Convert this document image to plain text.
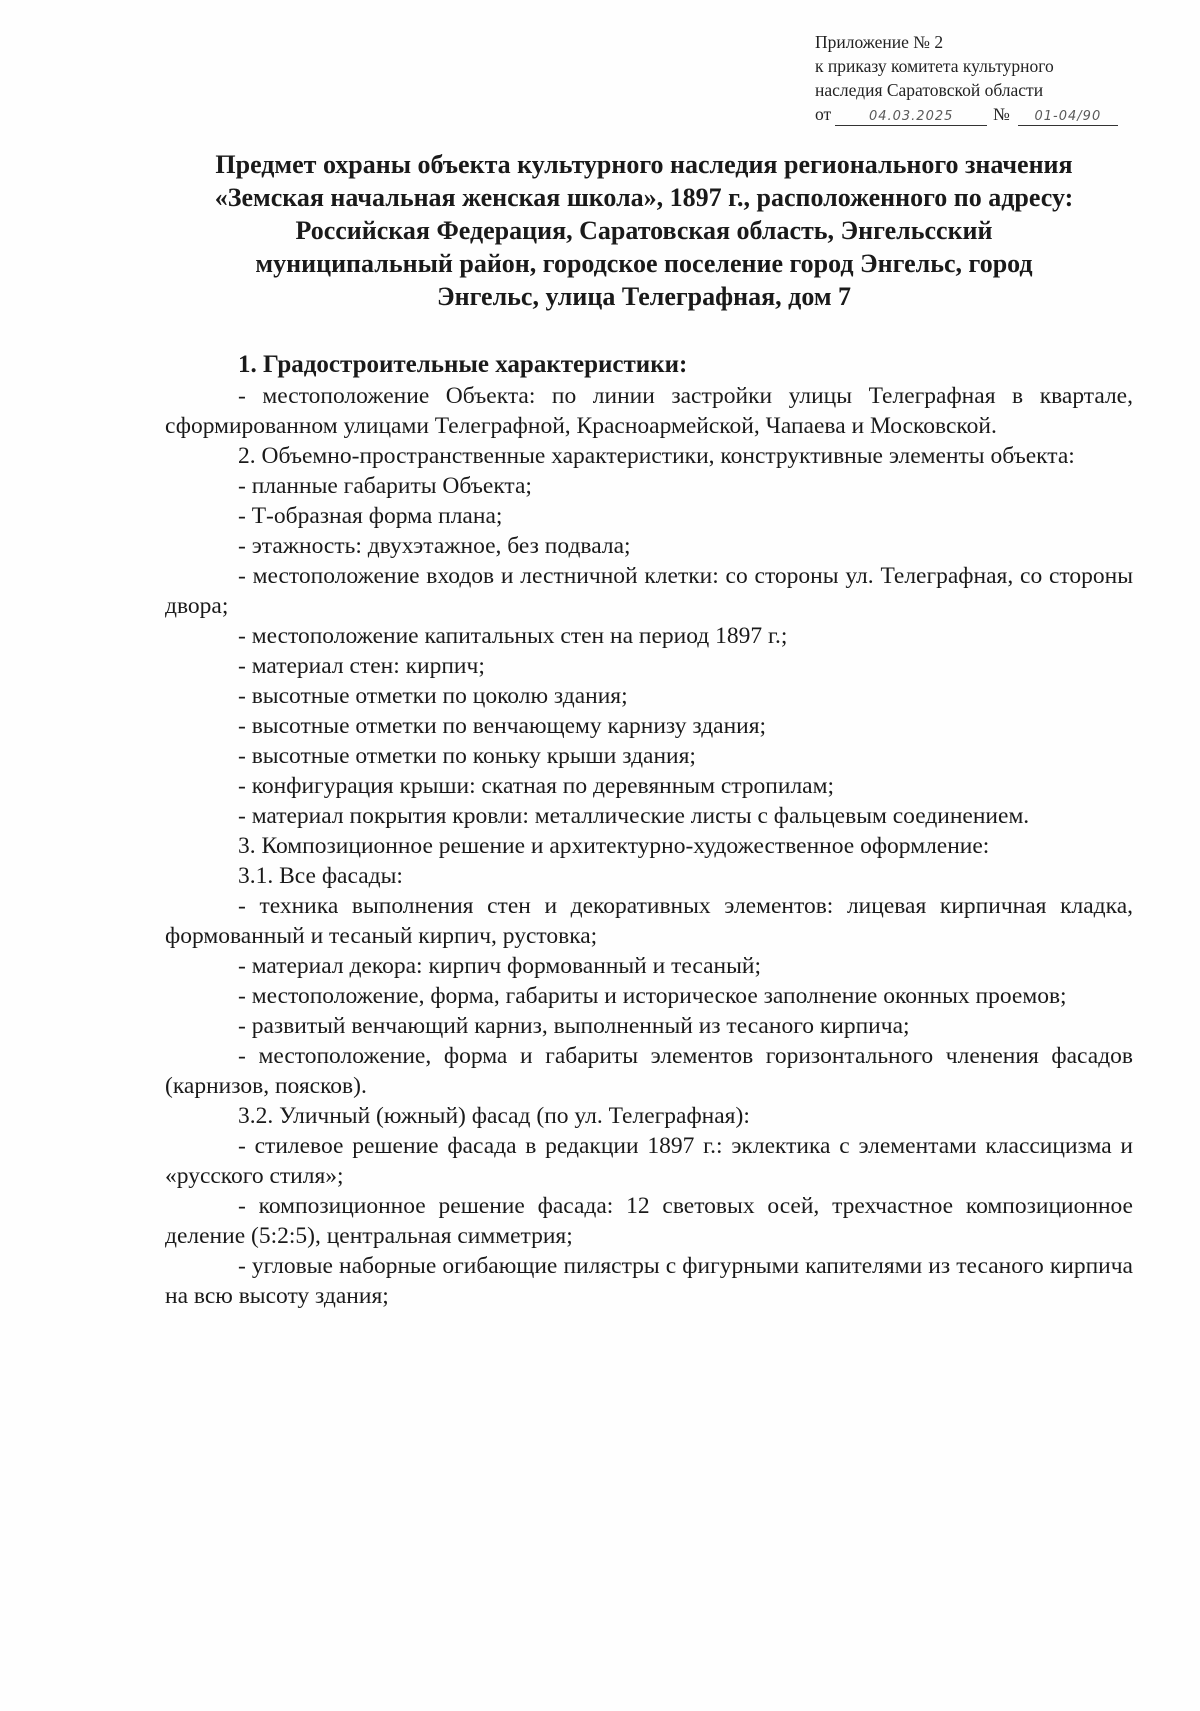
Приложение № 2
к приказу комитета культурного
наследия Саратовской области
от	04.03.2025 № 01-04/90
Предмет охраны объекта культурного наследия регионального значения
«Земская начальная женская школа», 1897 г., расположенного по адресу:
Российская Федерация, Саратовская область, Энгельсский
муниципальный район, городское поселение город Энгельс, город
Энгельс, улица Телеграфная, дом 7

1. Градостроительные характеристики:

- местоположение Объекта: по линии застройки улицы Телеграфная в квартале, сформированном улицами Телеграфной, Красноармейской, Чапаева и Московской.

2. Объемно-пространственные характеристики, конструктивные элементы объекта:

- планные габариты Объекта;

- Т-образная форма плана;

- этажность: двухэтажное, без подвала;

- местоположение входов и лестничной клетки: со стороны ул. Телеграфная, со стороны двора;

- местоположение капитальных стен на период 1897 г.;

- материал стен: кирпич;

- высотные отметки по цоколю здания;

- высотные отметки по венчающему карнизу здания;

- высотные отметки по коньку крыши здания;

- конфигурация крыши: скатная по деревянным стропилам;

- материал покрытия кровли: металлические листы с фальцевым соединением.

3. Композиционное решение и архитектурно-художественное оформление:

3.1. Все фасады:

- техника выполнения стен и декоративных элементов: лицевая кирпичная кладка, формованный и тесаный кирпич, рустовка;

- материал декора: кирпич формованный и тесаный;

- местоположение, форма, габариты и историческое заполнение оконных проемов;

- развитый венчающий карниз, выполненный из тесаного кирпича;

- местоположение, форма и габариты элементов горизонтального членения фасадов (карнизов, поясков).

3.2. Уличный (южный) фасад (по ул. Телеграфная):

- стилевое решение фасада в редакции 1897 г.: эклектика с элементами классицизма и «русского стиля»;

- композиционное решение фасада: 12 световых осей, трехчастное композиционное деление (5:2:5), центральная симметрия;

- угловые наборные огибающие пилястры с фигурными капителями из тесаного кирпича на всю высоту здания;
